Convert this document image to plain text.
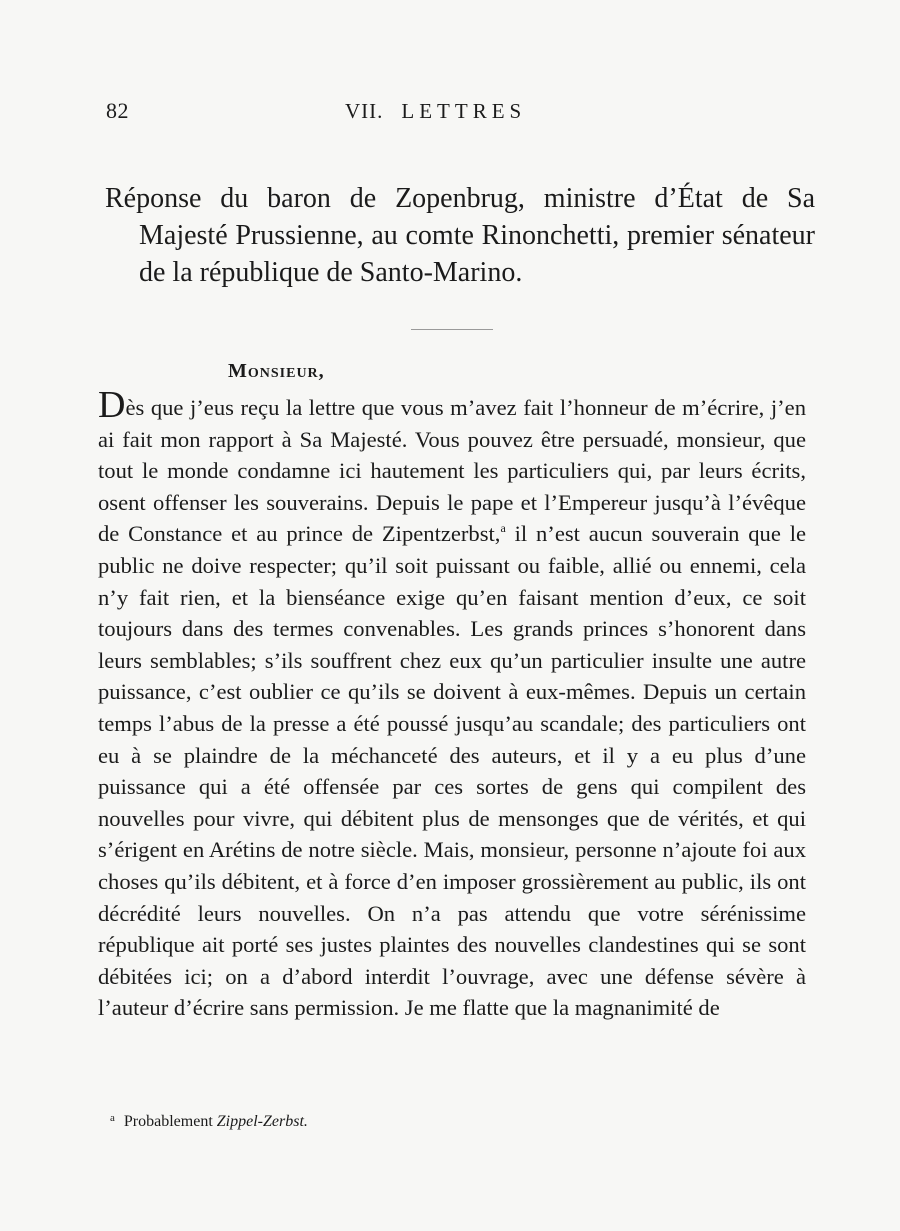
82	VII. LETTRES
Réponse du baron de Zopenbrug, ministre d’État de Sa Majesté Prussienne, au comte Rinonchetti, premier sénateur de la république de Santo-Marino.
Monsieur,

Dès que j’eus reçu la lettre que vous m’avez fait l’honneur de m’écrire, j’en ai fait mon rapport à Sa Majesté. Vous pouvez être persuadé, monsieur, que tout le monde condamne ici hautement les particuliers qui, par leurs écrits, osent offenser les souverains. Depuis le pape et l’Empereur jusqu’à l’évêque de Constance et au prince de Zipentzerbst,$^a$ il n’est aucun souverain que le public ne doive respecter; qu’il soit puissant ou faible, allié ou ennemi, cela n’y fait rien, et la bienséance exige qu’en faisant mention d’eux, ce soit toujours dans des termes convenables. Les grands princes s’honorent dans leurs semblables; s’ils souffrent chez eux qu’un particulier insulte une autre puissance, c’est oublier ce qu’ils se doivent à eux-mêmes. Depuis un certain temps l’abus de la presse a été poussé jusqu’au scandale; des particuliers ont eu à se plaindre de la méchanceté des auteurs, et il y a eu plus d’une puissance qui a été offensée par ces sortes de gens qui compilent des nouvelles pour vivre, qui débitent plus de mensonges que de vérités, et qui s’érigent en Arétins de notre siècle. Mais, monsieur, personne n’ajoute foi aux choses qu’ils débitent, et à force d’en imposer grossièrement au public, ils ont décrédité leurs nouvelles. On n’a pas attendu que votre sérénissime république ait porté ses justes plaintes des nouvelles clandestines qui se sont débitées ici; on a d’abord interdit l’ouvrage, avec une défense sévère à l’auteur d’écrire sans permission. Je me flatte que la magnanimité de

$^a$ Probablement Zippel-Zerbst.
